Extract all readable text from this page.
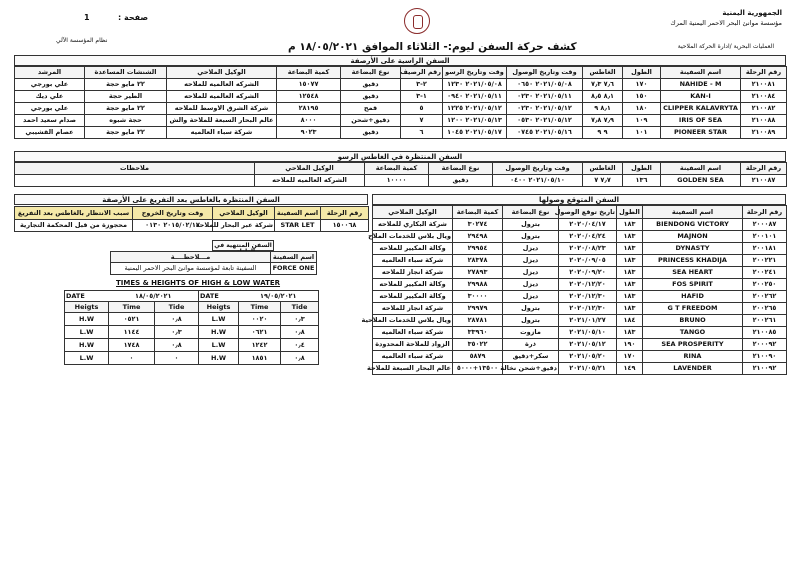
الجمهورية اليمنية
مؤسسة موانئ البحر الاحمر اليمنية المرك
صفحة :
1
نظام المؤسسة الآلي
كشف حركة السفن ليوم:- الثلاثاء الموافق ١٨/٠٥/٢٠٢١ م	العمليات البحرية /ادارة الحركة الملاحية
السفن الراسية على الأرصفة
رقم الرحلة	اسم السفينة	الطول	الغاطس	وقت وتاريخ الوصول	وقت وتاريخ الرسو	رقم الرصيف	نوع البضاعة	كمية البضاعة	الوكيل الملاحي	الشنشات المساعدة	المرشد
٢١٠٠٨١	NAHIDE - M	١٧٠	٧٫٦ ٧٫٣	٢٠٢١/٠٥/٠٨ ٠٦٥٠	٢٠٢١/٠٥/٠٨ ١٢٣٠	٢-٣	دقيق	١٥٠٧٧	الشركه العالميه للملاحه	٢٢ مايو حجة	علي بورجي
٢١٠٠٨٤	KAN-I	١٥٠	٨٫١ ٨٫٥	٢٠٢١/٠٥/١١ ٠٢٣٠	٢٠٢١/٠٥/١١ ٠٩٤٠	١-٣	دقيق	١٢٥٤٨	الشركه العالميه للملاحه	الطير حجة	علي ديك
٢١٠٠٨٢	CLIPPER KALAVRYTA	١٨٠	٨٫١ ٩	٢٠٢١/٠٥/١٢ ٠٢٣٠	٢٠٢١/٠٥/١٢ ١٢٢٥	٥	قمح	٢٨١٩٥	شركة الشرق الاوسط للملاحه	٢٢ مايو حجة	علي بورجي
٢١٠٠٨٨	IRIS OF SEA	١٠٩	٧٫٩ ٧٫٨	٢٠٢١/٠٥/١٢ ٠٥٣٠	٢٠٢١/٠٥/١٣ ١٢٠٠	٧	دقيق+شحن	٨٠٠٠	عالم البحار السبعة للملاحة والش	حجة شبوه	صدام سعيد احمد
٢١٠٠٨٩	PIONEER STAR	١٠١	٩ ٩	٢٠٢١/٠٥/١٦ ٠٧٤٥	٢٠٢١/٠٥/١٧ ١٠٤٥	٦	دقيق	٩٠٢٣	شركة سباء العالميه	٢٢ مايو حجة	عصام القشيبي
السفن المنتظرة في الغاطس الرسو
رقم الرحلة	اسم السفينة	الطول	الغاطس	وقت وتاريخ الوصول	نوع البضاعة	كمية البضاعة	الوكيل الملاحي	ملاحظات
٢١٠٠٨٧	GOLDEN SEA	١٣٦	٧٫٧ ٧	٢٠٢١/٠٥/١٠ ٠٤٠٠	دقيق	١٠٠٠٠	الشركه العالميه للملاحه	
السفن المتوقع وصولها
رقم الرحلة	اسم السفينة	الطول	تاريخ توقع الوصول	نوع البضاعة	كمية البضاعة	الوكيل الملاحي
٢٠٠٠٨٧	BIENDONG VICTORY	١٨٣	٢٠٢٠/٠٤/١٧	بترول	٣٠٢٧٤	شركة البكاري للملاحه
٢٠٠١٠١	MAJNON	١٨٣	٢٠٢٠/٠٤/٢٤	بترول	٢٩٤٩٨	ويال بلاس للخدمات الملاح
٢٠٠١٨١	DYNASTY	١٨٣	٢٠٢٠/٠٨/٢٣	ديزل	٢٩٩٥٤	وكالة المكيير للملاحه
٢٠٠٢٢١	PRINCESS KHADIJA	١٨٣	٢٠٢٠/٠٩/٠٥	ديزل	٢٨٣٧٨	شركة سباء العالميه
٢٠٠٢٤١	SEA HEART	١٨٣	٢٠٢٠/٠٩/٢٠	ديزل	٢٧٨٩٣	شركة انجاز للملاحه
٢٠٠٢٥٠	FOS SPIRIT	١٨٣	٢٠٢٠/١٢/٢٠	ديزل	٢٩٩٨٨	وكالة المكيير للملاحه
٢٠٠٢٦٢	HAFID	١٨٣	٢٠٢٠/١٢/٣٠	ديزل	٣٠٠٠٠	وكالة المكيير للملاحه
٢٠٠٢٦٥	G T FREEDOM	١٨٣	٢٠٢٠/١٢/٣٠	بترول	٢٩٩٧٩	شركة انجاز للملاحه
٢٠٠٢٦١	BRUNO	١٨٤	٢٠٢١/٠١/٢٧	بترول	٢٨٧٨١	ويال بلاس للخدمات الملاحية
٢١٠٠٨٥	TANGO	١٨٣	٢٠٢١/٠٥/١٠	مازوت	٣٣٩٦٠	شركة سباء العالميه
٢٠٠٠٩٢	SEA PROSPERITY	١٩٠	٢٠٢١/٠٥/١٢	ذرة	٣٥٠٢٢	الزواد للملاحة المحدودة
٢١٠٠٩٠	RINA	١٧٠	٢٠٢١/٠٥/٢٠	سكر+دقيق	٥٨٧٩	شركة سباء العالميه
٢١٠٠٩٢	LAVENDER	١٤٩	٢٠٢١/٠٥/٢١	دقيق+شحن نخالة	١٣٥٠٠+٥٠٠٠	عالم البحار السبعة للملاحة
السفن المنتظرة بالغاطس بعد التفريغ على الأرصفة
رقم الرحلة	اسم السفينة	الوكيل الملاحي	وقت وتاريخ الخروج	سبب الانتظار بالغاطس بعد التفريغ
١٥٠٠٦٨	STAR LET	شركة عبر البحار للملاحه	٢٠١٥/٠٢/١٢ ٠١٣٠	محجوزة من قبل المحكمة التجارية
السفن المنتهية في
اسم السفينة	مـــلاحظــــة
FORCE ONE	السفينة تابعة لمؤسسة موانئ البحر الاحمر اليمنية
TIMES & HEIGHTS OF HIGH & LOW WATER
DATE	١٨/٠٥/٢٠٢١	
Heigts	Time	Tide
H.W	٠٥٢١	٠٫٨
L.W	١١٤٤	٠٫٣
H.W	١٧٤٨	٠٫٨
L.W	٠	٠
DATE	١٩/٠٥/٢٠٢١	
Heigts	Time	Tide
L.W	٠٠٢٠	٠٫٣
H.W	٠٦٢١	٠٫٨
L.W	١٢٤٢	٠٫٤
H.W	١٨٥١	٠٫٨
